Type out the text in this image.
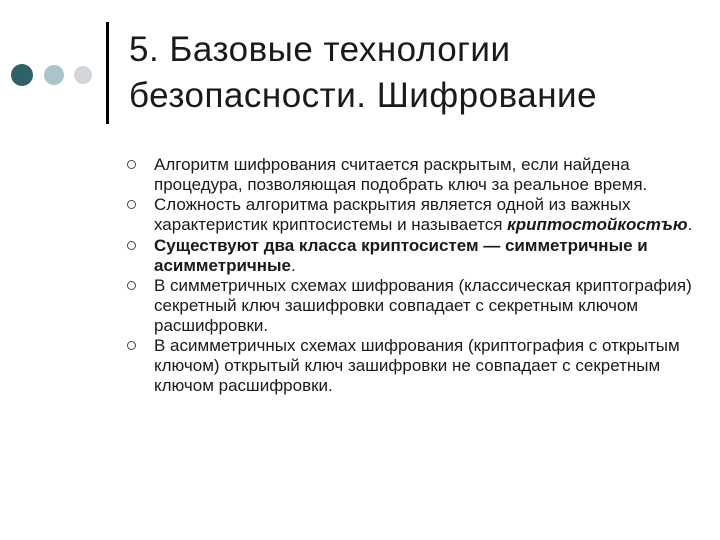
5. Базовые технологии
безопасности. Шифрование
Алгоритм шифрования считается раскрытым, если найдена процедура, позволяющая подобрать ключ за реальное время.
Сложность алгоритма раскрытия является одной из важных характеристик криптосистемы и называется криптостойкостъю.
Существуют два класса криптосистем — симметричные и асимметричные.
В симметричных схемах шифрования (классическая криптография) секретный ключ зашифровки совпадает с секретным ключом расшифровки.
В асимметричных схемах шифрования (криптография с открытым ключом) открытый ключ зашифровки не совпадает с секретным ключом расшифровки.
